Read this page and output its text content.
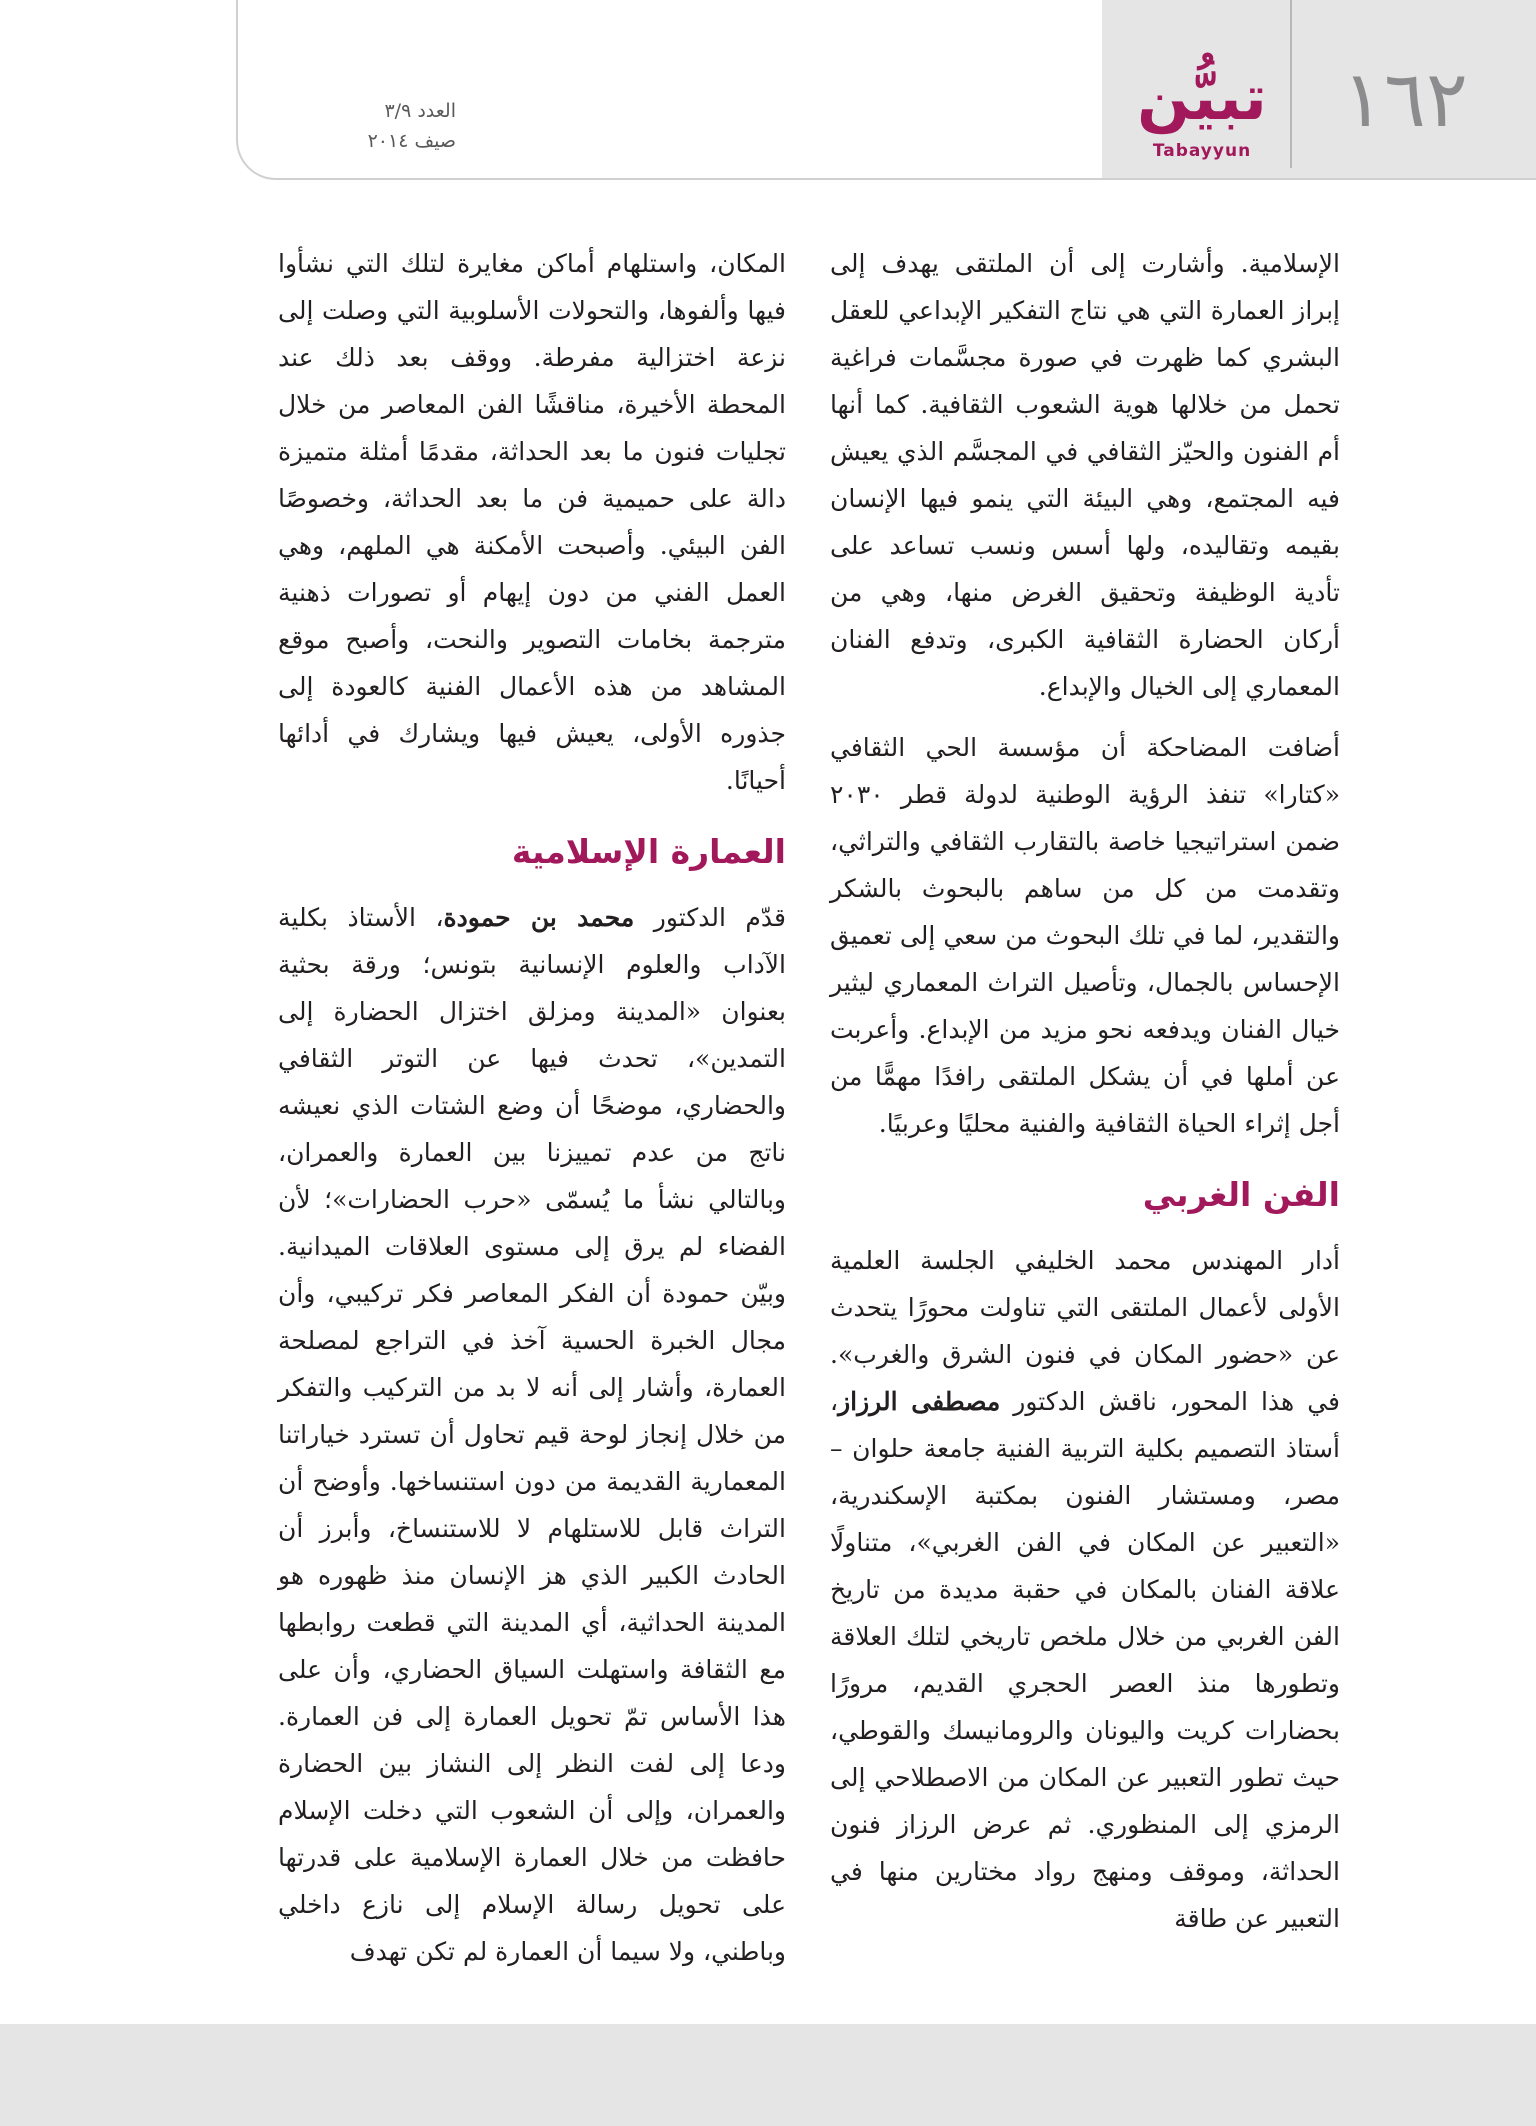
١٦٢
تبيُّن
Tabayyun
العدد ٣/٩
صيف ٢٠١٤

الإسلامية. وأشارت إلى أن الملتقى يهدف إلى إبراز العمارة التي هي نتاج التفكير الإبداعي للعقل البشري كما ظهرت في صورة مجسَّمات فراغية تحمل من خلالها هوية الشعوب الثقافية. كما أنها أم الفنون والحيّز الثقافي في المجسَّم الذي يعيش فيه المجتمع، وهي البيئة التي ينمو فيها الإنسان بقيمه وتقاليده، ولها أسس ونسب تساعد على تأدية الوظيفة وتحقيق الغرض منها، وهي من أركان الحضارة الثقافية الكبرى، وتدفع الفنان المعماري إلى الخيال والإبداع.

أضافت المضاحكة أن مؤسسة الحي الثقافي «كتارا» تنفذ الرؤية الوطنية لدولة قطر ٢٠٣٠ ضمن استراتيجيا خاصة بالتقارب الثقافي والتراثي، وتقدمت من كل من ساهم بالبحوث بالشكر والتقدير، لما في تلك البحوث من سعي إلى تعميق الإحساس بالجمال، وتأصيل التراث المعماري ليثير خيال الفنان ويدفعه نحو مزيد من الإبداع. وأعربت عن أملها في أن يشكل الملتقى رافدًا مهمًّا من أجل إثراء الحياة الثقافية والفنية محليًا وعربيًا.

الفن الغربي

أدار المهندس محمد الخليفي الجلسة العلمية الأولى لأعمال الملتقى التي تناولت محورًا يتحدث عن «حضور المكان في فنون الشرق والغرب». في هذا المحور، ناقش الدكتور مصطفى الرزاز، أستاذ التصميم بكلية التربية الفنية جامعة حلوان – مصر، ومستشار الفنون بمكتبة الإسكندرية، «التعبير عن المكان في الفن الغربي»، متناولًا علاقة الفنان بالمكان في حقبة مديدة من تاريخ الفن الغربي من خلال ملخص تاريخي لتلك العلاقة وتطورها منذ العصر الحجري القديم، مرورًا بحضارات كريت واليونان والرومانيسك والقوطي، حيث تطور التعبير عن المكان من الاصطلاحي إلى الرمزي إلى المنظوري. ثم عرض الرزاز فنون الحداثة، وموقف ومنهج رواد مختارين منها في التعبير عن طاقة

المكان، واستلهام أماكن مغايرة لتلك التي نشأوا فيها وألفوها، والتحولات الأسلوبية التي وصلت إلى نزعة اختزالية مفرطة. ووقف بعد ذلك عند المحطة الأخيرة، مناقشًا الفن المعاصر من خلال تجليات فنون ما بعد الحداثة، مقدمًا أمثلة متميزة دالة على حميمية فن ما بعد الحداثة، وخصوصًا الفن البيئي. وأصبحت الأمكنة هي الملهم، وهي العمل الفني من دون إيهام أو تصورات ذهنية مترجمة بخامات التصوير والنحت، وأصبح موقع المشاهد من هذه الأعمال الفنية كالعودة إلى جذوره الأولى، يعيش فيها ويشارك في أدائها أحيانًا.

العمارة الإسلامية

قدّم الدكتور محمد بن حمودة، الأستاذ بكلية الآداب والعلوم الإنسانية بتونس؛ ورقة بحثية بعنوان «المدينة ومزلق اختزال الحضارة إلى التمدين»، تحدث فيها عن التوتر الثقافي والحضاري، موضحًا أن وضع الشتات الذي نعيشه ناتج من عدم تمييزنا بين العمارة والعمران، وبالتالي نشأ ما يُسمّى «حرب الحضارات»؛ لأن الفضاء لم يرق إلى مستوى العلاقات الميدانية. وبيّن حمودة أن الفكر المعاصر فكر تركيبي، وأن مجال الخبرة الحسية آخذ في التراجع لمصلحة العمارة، وأشار إلى أنه لا بد من التركيب والتفكر من خلال إنجاز لوحة قيم تحاول أن تسترد خياراتنا المعمارية القديمة من دون استنساخها. وأوضح أن التراث قابل للاستلهام لا للاستنساخ، وأبرز أن الحادث الكبير الذي هز الإنسان منذ ظهوره هو المدينة الحداثية، أي المدينة التي قطعت روابطها مع الثقافة واستهلت السياق الحضاري، وأن على هذا الأساس تمّ تحويل العمارة إلى فن العمارة. ودعا إلى لفت النظر إلى النشاز بين الحضارة والعمران، وإلى أن الشعوب التي دخلت الإسلام حافظت من خلال العمارة الإسلامية على قدرتها على تحويل رسالة الإسلام إلى نازع داخلي وباطني، ولا سيما أن العمارة لم تكن تهدف
